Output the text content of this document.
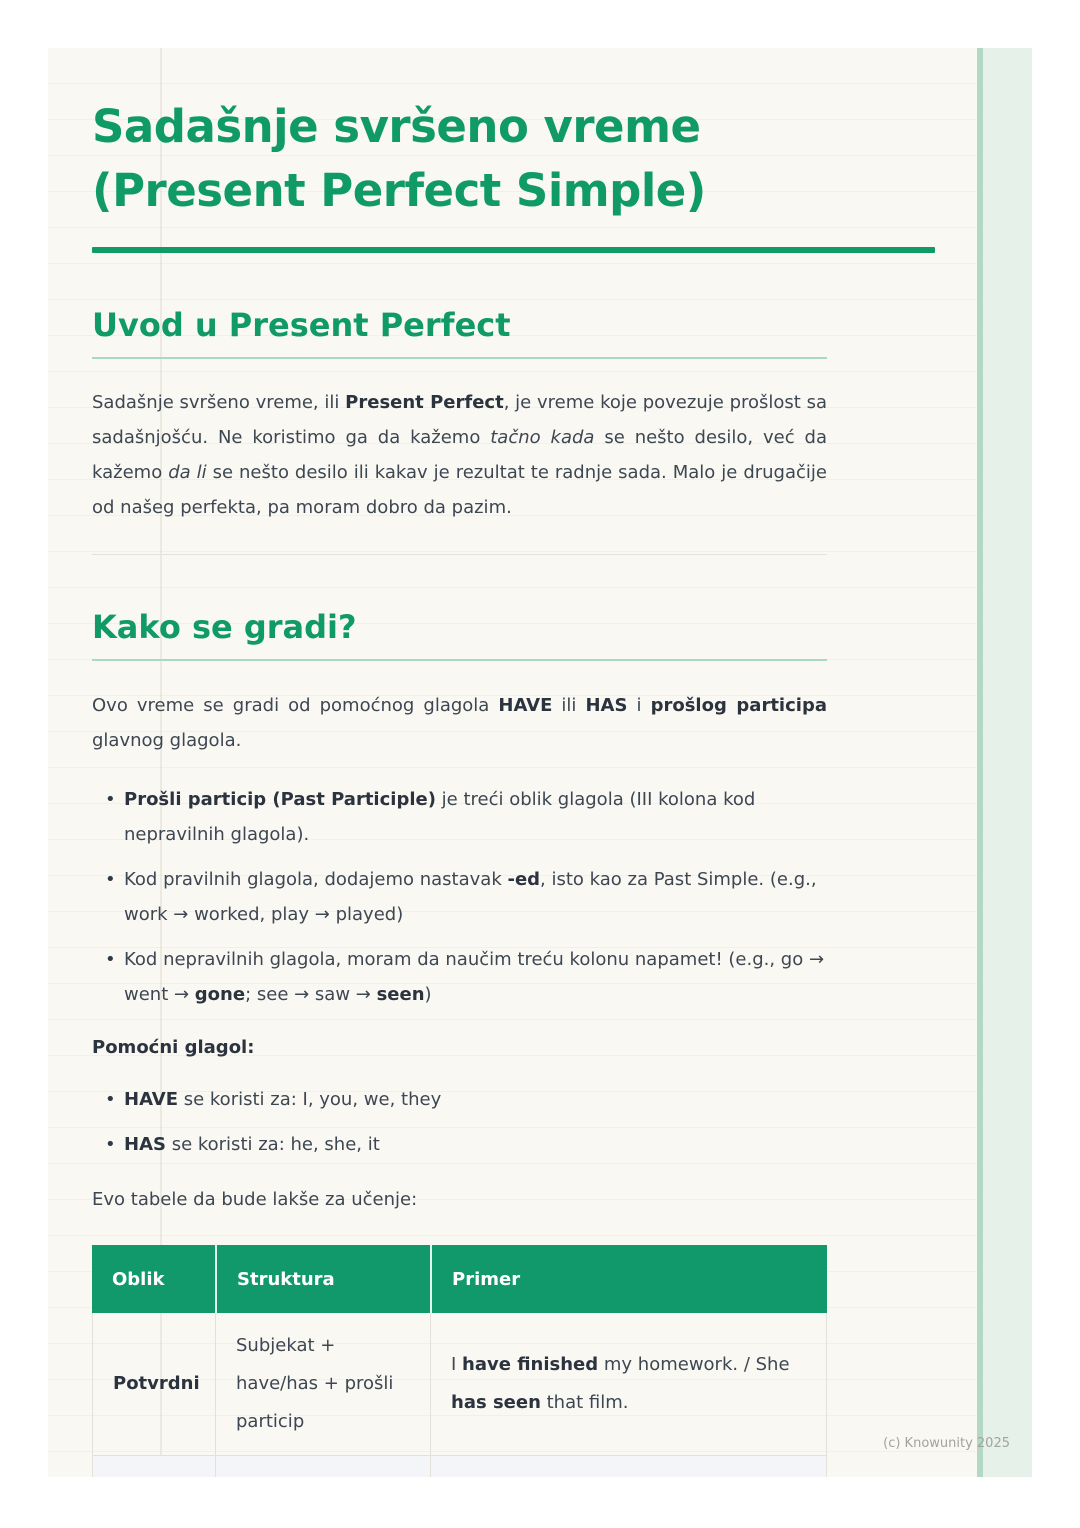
Sadašnje svršeno vreme
(Present Perfect Simple)
Uvod u Present Perfect

Sadašnje svršeno vreme, ili Present Perfect, je vreme koje povezuje prošlost sa sadašnjošću. Ne koristimo ga da kažemo tačno kada se nešto desilo, već da kažemo da li se nešto desilo ili kakav je rezultat te radnje sada. Malo je drugačije od našeg perfekta, pa moram dobro da pazim.

Kako se gradi?

Ovo vreme se gradi od pomoćnog glagola HAVE ili HAS i prošlog participa glavnog glagola.

• Prošli particip (Past Participle) je treći oblik glagola (III kolona kod nepravilnih glagola).
• Kod pravilnih glagola, dodajemo nastavak -ed, isto kao za Past Simple. (e.g., work → worked, play → played)
• Kod nepravilnih glagola, moram da naučim treću kolonu napamet! (e.g., go → went → gone; see → saw → seen)

Pomoćni glagol:

• HAVE se koristi za: I, you, we, they
• HAS se koristi za: he, she, it

Evo tabele da bude lakše za učenje:

Oblik	Struktura	Primer
Potvrdni
Subjekat + have/has + prošli particip
I have finished my homework. / She has seen that film.
(c) Knowunity 2025
